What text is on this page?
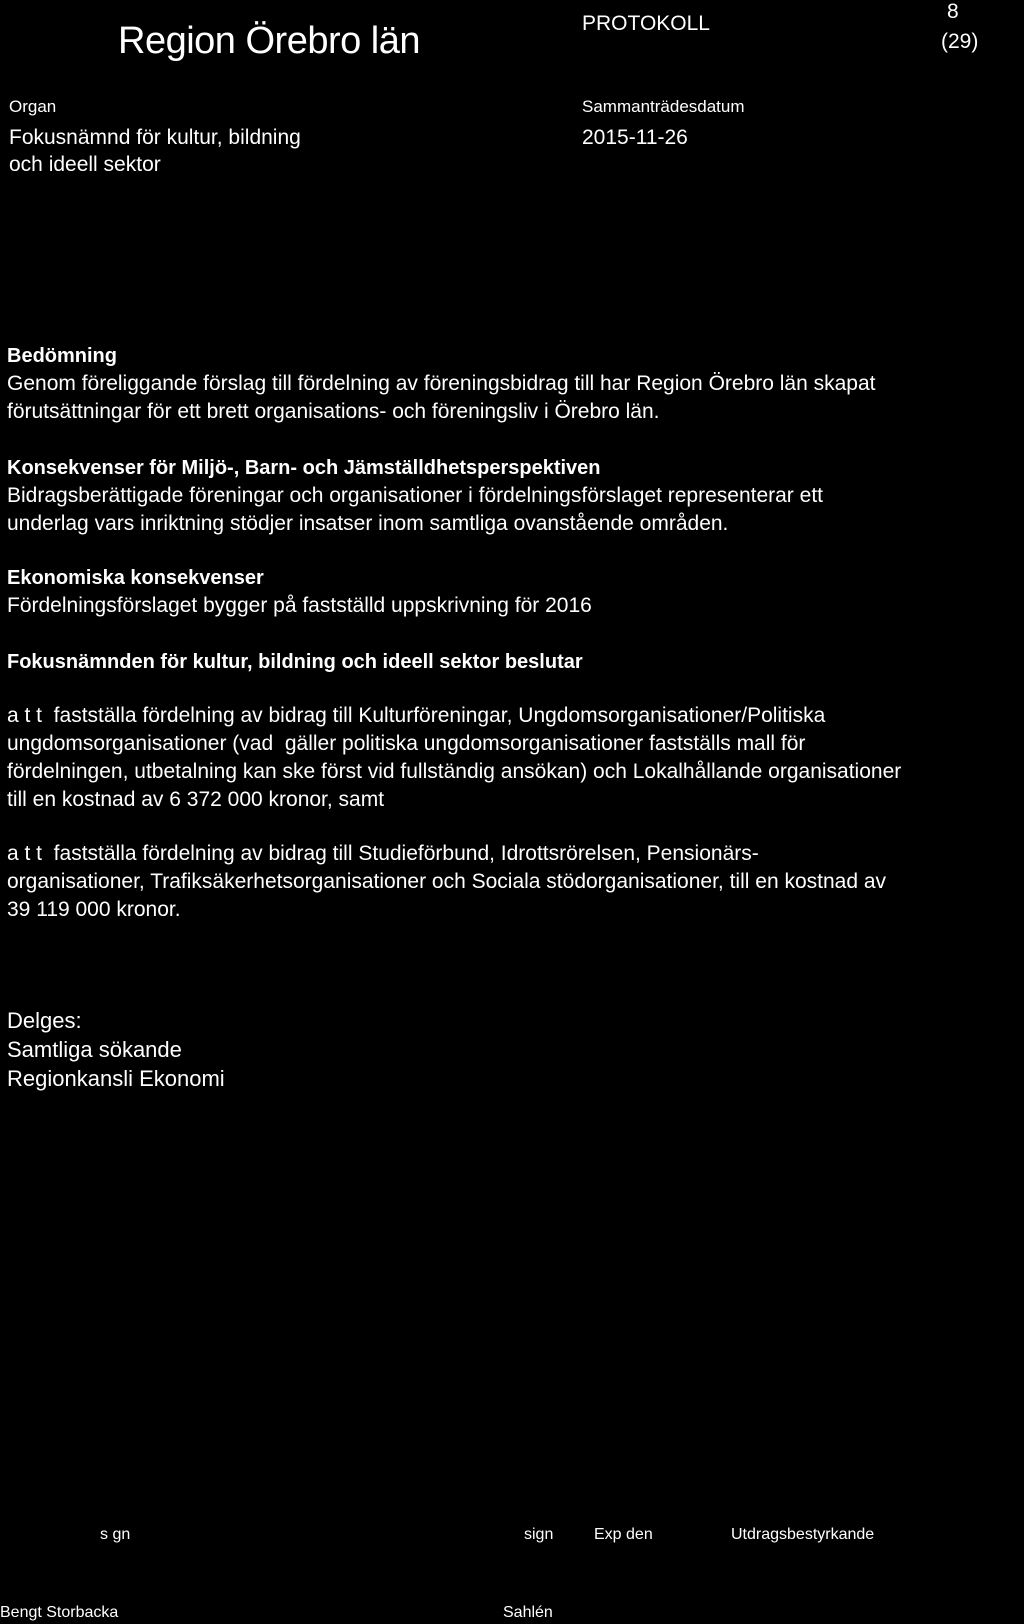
Region Örebro län	PROTOKOLL
8
(29)
Organ
Fokusnämnd för kultur, bildning
och ideell sektor
Sammanträdesdatum
2015-11-26

Bedömning

Genom föreliggande förslag till fördelning av föreningsbidrag till har Region Örebro län skapat

förutsättningar för ett brett organisations- och föreningsliv i Örebro län.

Konsekvenser för Miljö-, Barn- och Jämställdhetsperspektiven

Bidragsberättigade föreningar och organisationer i fördelningsförslaget representerar ett

underlag vars inriktning stödjer insatser inom samtliga ovanstående områden.

Ekonomiska konsekvenser

Fördelningsförslaget bygger på fastställd uppskrivning för 2016

Fokusnämnden för kultur, bildning och ideell sektor beslutar

a t t  fastställa fördelning av bidrag till Kulturföreningar, Ungdomsorganisationer/Politiska

ungdomsorganisationer (vad  gäller politiska ungdomsorganisationer fastställs mall för

fördelningen, utbetalning kan ske först vid fullständig ansökan) och Lokalhållande organisationer

till en kostnad av 6 372 000 kronor, samt

a t t  fastställa fördelning av bidrag till Studieförbund, Idrottsrörelsen, Pensionärs-

organisationer, Trafiksäkerhetsorganisationer och Sociala stödorganisationer, till en kostnad av

39 119 000 kronor.

Delges:

Samtliga sökande

Regionkansli Ekonomi

s gn	sign	Exp den	Utdragsbestyrkande
Bengt Storbacka	Sahlén
